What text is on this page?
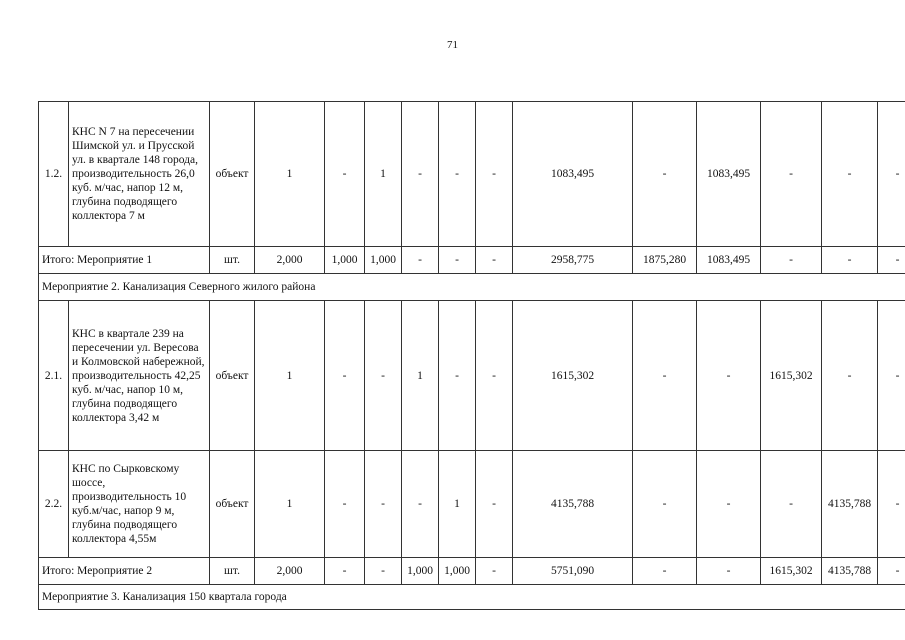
71
1.2.	КНС N 7 на пересечении Шимской ул. и Прусской ул. в квартале 148 города, производительность 26,0 куб. м/час, напор 12 м, глубина подводящего коллектора 7 м	объект	1	-	1	-	-	-	1083,495	-	1083,495	-	-	-
Итого: Мероприятие 1		шт.	2,000	1,000	1,000	-	-	-	2958,775	1875,280	1083,495	-	-	-
Мероприятие 2. Канализация Северного жилого района														
2.1.	КНС в квартале 239 на пересечении ул. Вересова и Колмовской набережной, производительность 42,25 куб. м/час, напор 10 м, глубина подводящего коллектора 3,42 м	объект	1	-	-	1	-	-	1615,302	-	-	1615,302	-	-
2.2.	КНС по Сырковскому шоссе, производительность 10 куб.м/час, напор 9 м, глубина подводящего коллектора 4,55м	объект	1	-	-	-	1	-	4135,788	-	-	-	4135,788	-
Итого: Мероприятие 2		шт.	2,000	-	-	1,000	1,000	-	5751,090	-	-	1615,302	4135,788	-
Мероприятие 3. Канализация 150 квартала города														
